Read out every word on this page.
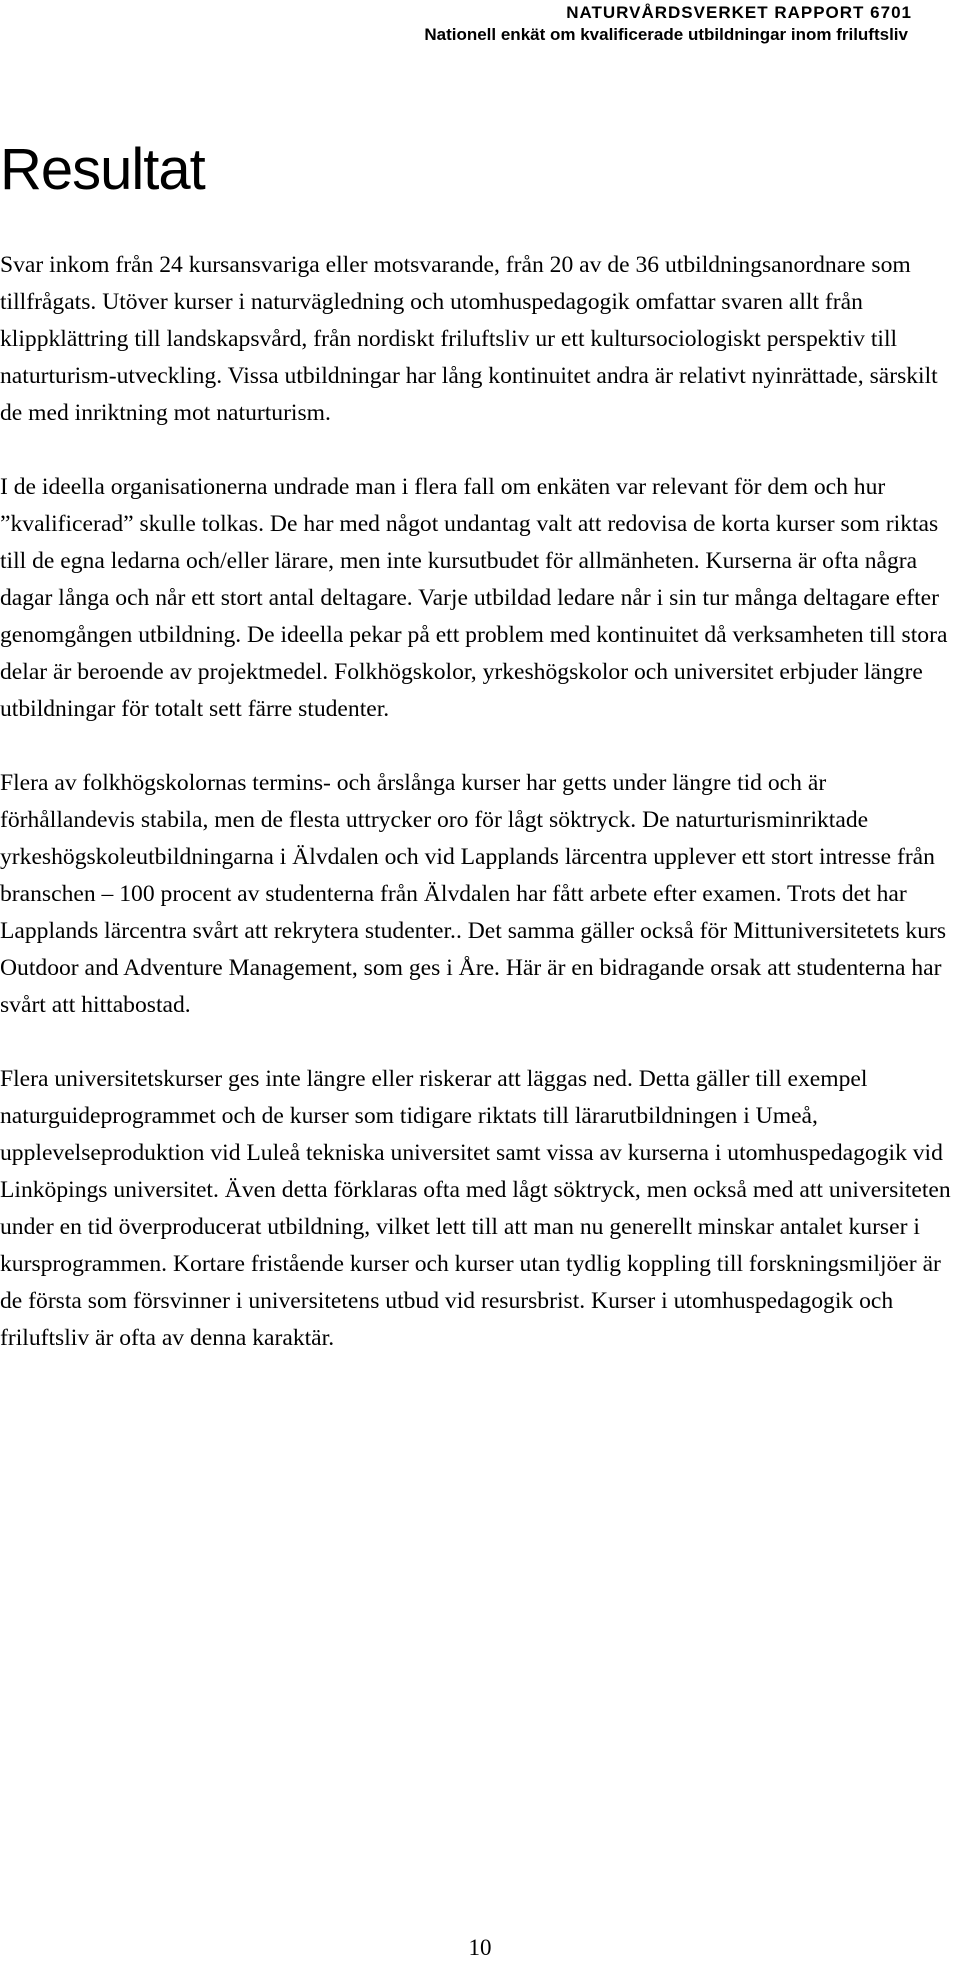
NATURVÅRDSVERKET RAPPORT 6701
Nationell enkät om kvalificerade utbildningar inom friluftsliv
Resultat

Svar inkom från 24 kursansvariga eller motsvarande, från 20 av de 36 utbildningsanordnare som tillfrågats. Utöver kurser i naturvägledning och utomhuspedagogik omfattar svaren allt från klippklättring till landskapsvård, från nordiskt friluftsliv ur ett kultursociologiskt perspektiv till naturturism-utveckling. Vissa utbildningar har lång kontinuitet andra är relativt nyinrättade, särskilt de med inriktning mot naturturism.

I de ideella organisationerna undrade man i flera fall om enkäten var relevant för dem och hur ”kvalificerad” skulle tolkas. De har med något undantag valt att redovisa de korta kurser som riktas till de egna ledarna och/eller lärare, men inte kursutbudet för allmänheten. Kurserna är ofta några dagar långa och når ett stort antal deltagare. Varje utbildad ledare når i sin tur många deltagare efter genomgången utbildning. De ideella pekar på ett problem med kontinuitet då verksamheten till stora delar är beroende av projektmedel. Folkhögskolor, yrkeshögskolor och universitet erbjuder längre utbildningar för totalt sett färre studenter.

Flera av folkhögskolornas termins- och årslånga kurser har getts under längre tid och är förhållandevis stabila, men de flesta uttrycker oro för lågt söktryck. De naturturisminriktade yrkeshögskoleutbildningarna i Älvdalen och vid Lapplands lärcentra upplever ett stort intresse från branschen – 100 procent av studenterna från Älvdalen har fått arbete efter examen. Trots det har Lapplands lärcentra svårt att rekrytera studenter.. Det samma gäller också för Mittuniversitetets kurs Outdoor and Adventure Management, som ges i Åre. Här är en bidragande orsak att studenterna har svårt att hittabostad.

Flera universitetskurser ges inte längre eller riskerar att läggas ned. Detta gäller till exempel naturguideprogrammet och de kurser som tidigare riktats till lärarutbildningen i Umeå, upplevelseproduktion vid Luleå tekniska universitet samt vissa av kurserna i utomhuspedagogik vid Linköpings universitet. Även detta förklaras ofta med lågt söktryck, men också med att universiteten under en tid överproducerat utbildning, vilket lett till att man nu generellt minskar antalet kurser i kursprogrammen. Kortare fristående kurser och kurser utan tydlig koppling till forskningsmiljöer är de första som försvinner i universitetens utbud vid resursbrist. Kurser i utomhuspedagogik och friluftsliv är ofta av denna karaktär.

10
